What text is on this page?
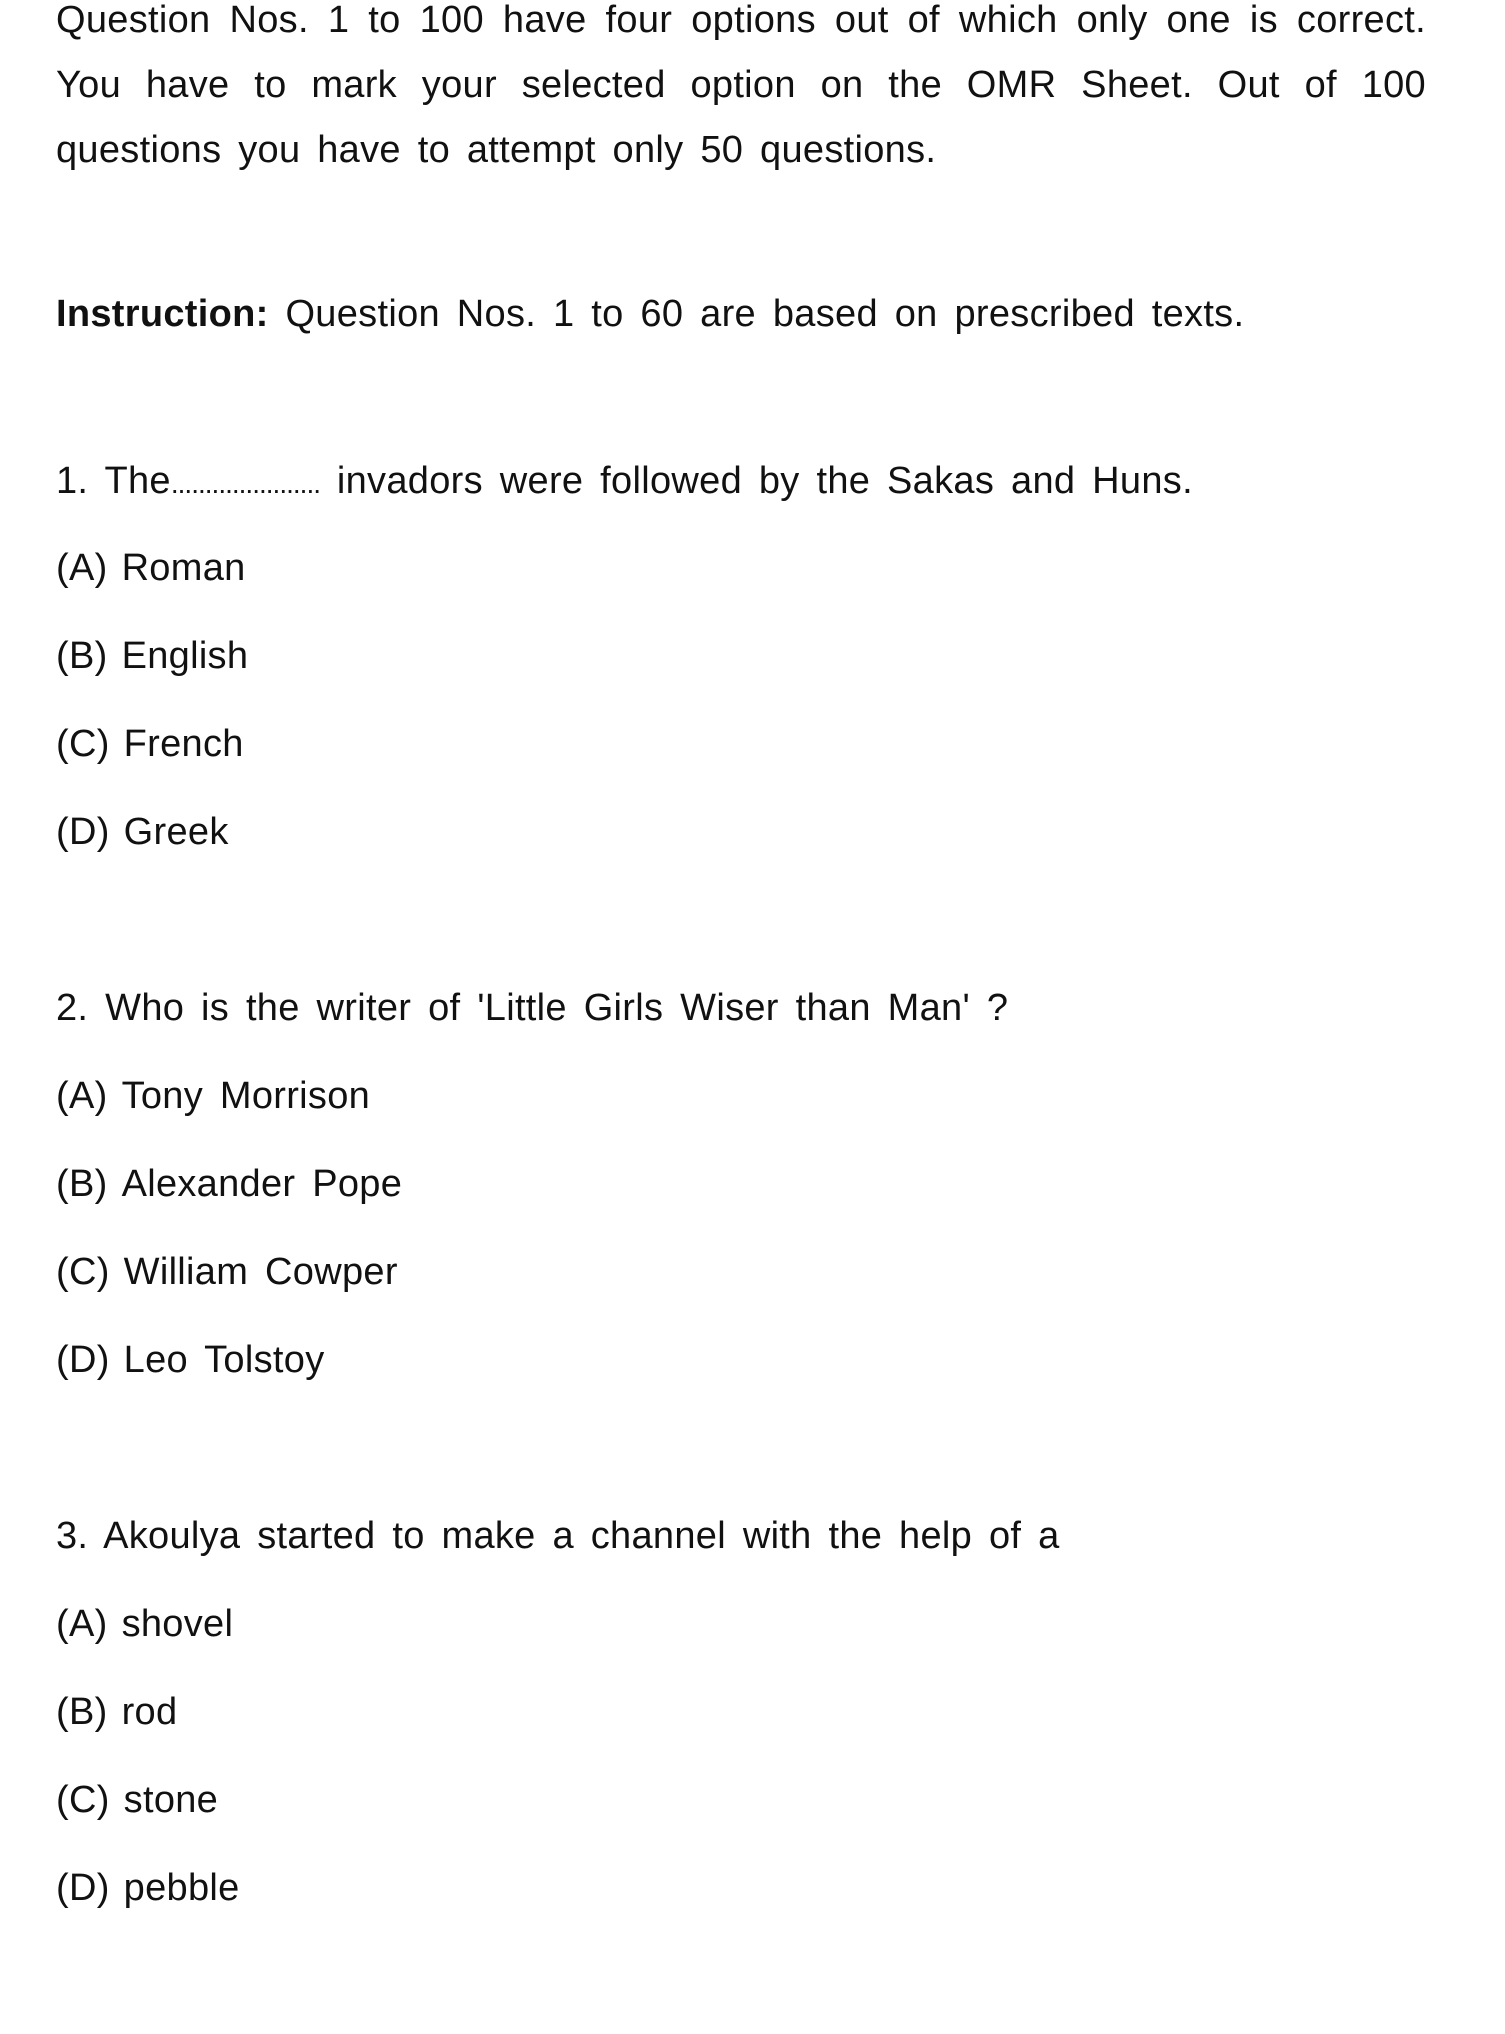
Question Nos. 1 to 100 have four options out of which only one is correct. You have to mark your selected option on the OMR Sheet. Out of 100 questions you have to attempt only 50 questions.

Instruction: Question Nos. 1 to 60 are based on prescribed texts.

1. The...................... invadors were followed by the Sakas and Huns.

(A) Roman

(B) English

(C) French

(D) Greek

2. Who is the writer of 'Little Girls Wiser than Man' ?

(A) Tony Morrison

(B) Alexander Pope

(C) William Cowper

(D) Leo Tolstoy

3. Akoulya started to make a channel with the help of a

(A) shovel

(B) rod

(C) stone

(D) pebble
